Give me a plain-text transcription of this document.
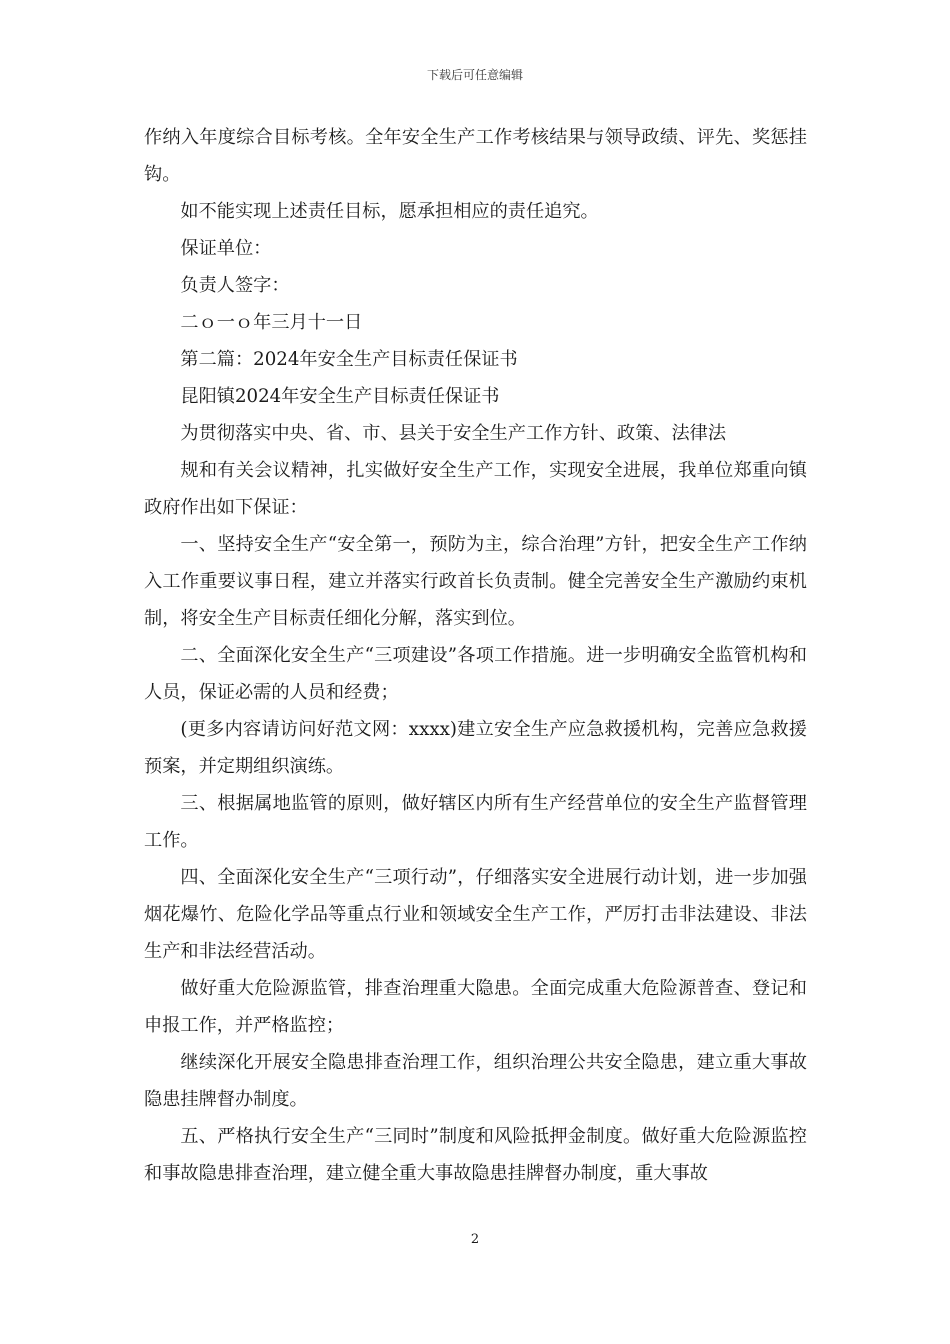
下载后可任意编辑

作纳入年度综合目标考核。全年安全生产工作考核结果与领导政绩、评先、奖惩挂钩。

如不能实现上述责任目标，愿承担相应的责任追究。

保证单位：

负责人签字：

二ｏ一ｏ年三月十一日

第二篇：2024年安全生产目标责任保证书

昆阳镇2024年安全生产目标责任保证书

为贯彻落实中央、省、市、县关于安全生产工作方针、政策、法律法

规和有关会议精神，扎实做好安全生产工作，实现安全进展，我单位郑重向镇政府作出如下保证：

一、坚持安全生产“安全第一，预防为主，综合治理”方针，把安全生产工作纳入工作重要议事日程，建立并落实行政首长负责制。健全完善安全生产激励约束机制，将安全生产目标责任细化分解，落实到位。

二、全面深化安全生产“三项建设”各项工作措施。进一步明确安全监管机构和人员，保证必需的人员和经费；

(更多内容请访问好范文网：xxxx)建立安全生产应急救援机构，完善应急救援预案，并定期组织演练。

三、根据属地监管的原则，做好辖区内所有生产经营单位的安全生产监督管理工作。

四、全面深化安全生产“三项行动”，仔细落实安全进展行动计划，进一步加强烟花爆竹、危险化学品等重点行业和领域安全生产工作，严厉打击非法建设、非法生产和非法经营活动。

做好重大危险源监管，排查治理重大隐患。全面完成重大危险源普查、登记和申报工作，并严格监控；

继续深化开展安全隐患排查治理工作，组织治理公共安全隐患，建立重大事故隐患挂牌督办制度。

五、严格执行安全生产“三同时”制度和风险抵押金制度。做好重大危险源监控和事故隐患排查治理，建立健全重大事故隐患挂牌督办制度，重大事故

2
